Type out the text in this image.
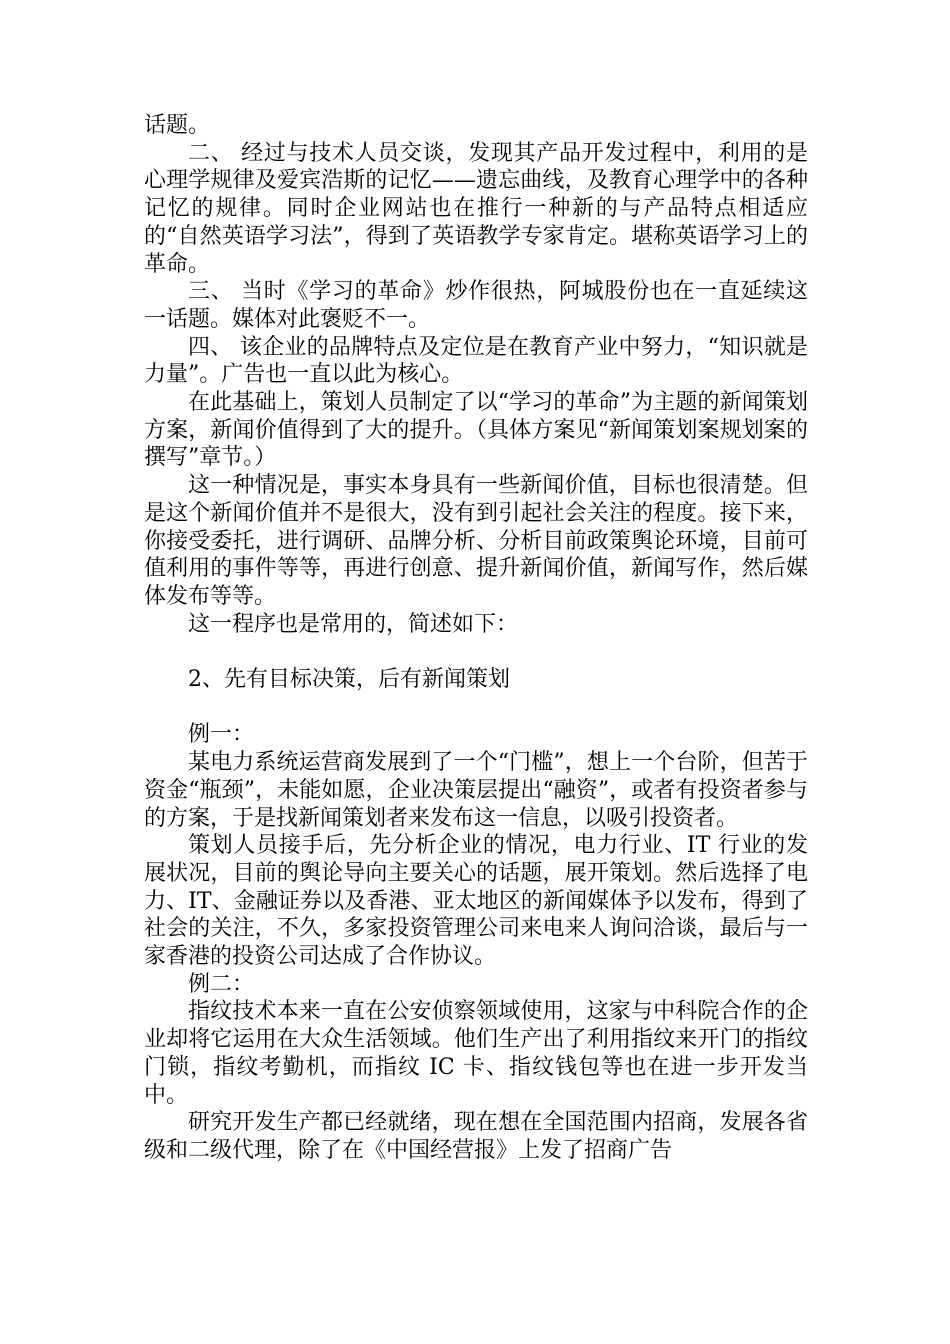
话题。

二、 经过与技术人员交谈，发现其产品开发过程中，利用的是心理学规律及爱宾浩斯的记忆——遗忘曲线，及教育心理学中的各种记忆的规律。同时企业网站也在推行一种新的与产品特点相适应的“自然英语学习法”，得到了英语教学专家肯定。堪称英语学习上的革命。

三、 当时《学习的革命》炒作很热，阿城股份也在一直延续这一话题。媒体对此褒贬不一。

四、 该企业的品牌特点及定位是在教育产业中努力，“知识就是力量”。广告也一直以此为核心。

在此基础上，策划人员制定了以“学习的革命”为主题的新闻策划方案，新闻价值得到了大的提升。（具体方案见“新闻策划案规划案的撰写”章节。）

这一种情况是，事实本身具有一些新闻价值，目标也很清楚。但是这个新闻价值并不是很大，没有到引起社会关注的程度。接下来，你接受委托，进行调研、品牌分析、分析目前政策舆论环境，目前可值利用的事件等等，再进行创意、提升新闻价值，新闻写作，然后媒体发布等等。

这一程序也是常用的，简述如下：

2、先有目标决策，后有新闻策划

例一：

某电力系统运营商发展到了一个“门槛”，想上一个台阶，但苦于资金“瓶颈”，未能如愿，企业决策层提出“融资”，或者有投资者参与的方案，于是找新闻策划者来发布这一信息，以吸引投资者。

策划人员接手后，先分析企业的情况，电力行业、IT 行业的发展状况，目前的舆论导向主要关心的话题，展开策划。然后选择了电力、IT、金融证券以及香港、亚太地区的新闻媒体予以发布，得到了社会的关注，不久，多家投资管理公司来电来人询问洽谈，最后与一家香港的投资公司达成了合作协议。

例二：

指纹技术本来一直在公安侦察领域使用，这家与中科院合作的企业却将它运用在大众生活领域。他们生产出了利用指纹来开门的指纹门锁，指纹考勤机，而指纹 IC 卡、指纹钱包等也在进一步开发当中。

研究开发生产都已经就绪，现在想在全国范围内招商，发展各省级和二级代理，除了在《中国经营报》上发了招商广告
